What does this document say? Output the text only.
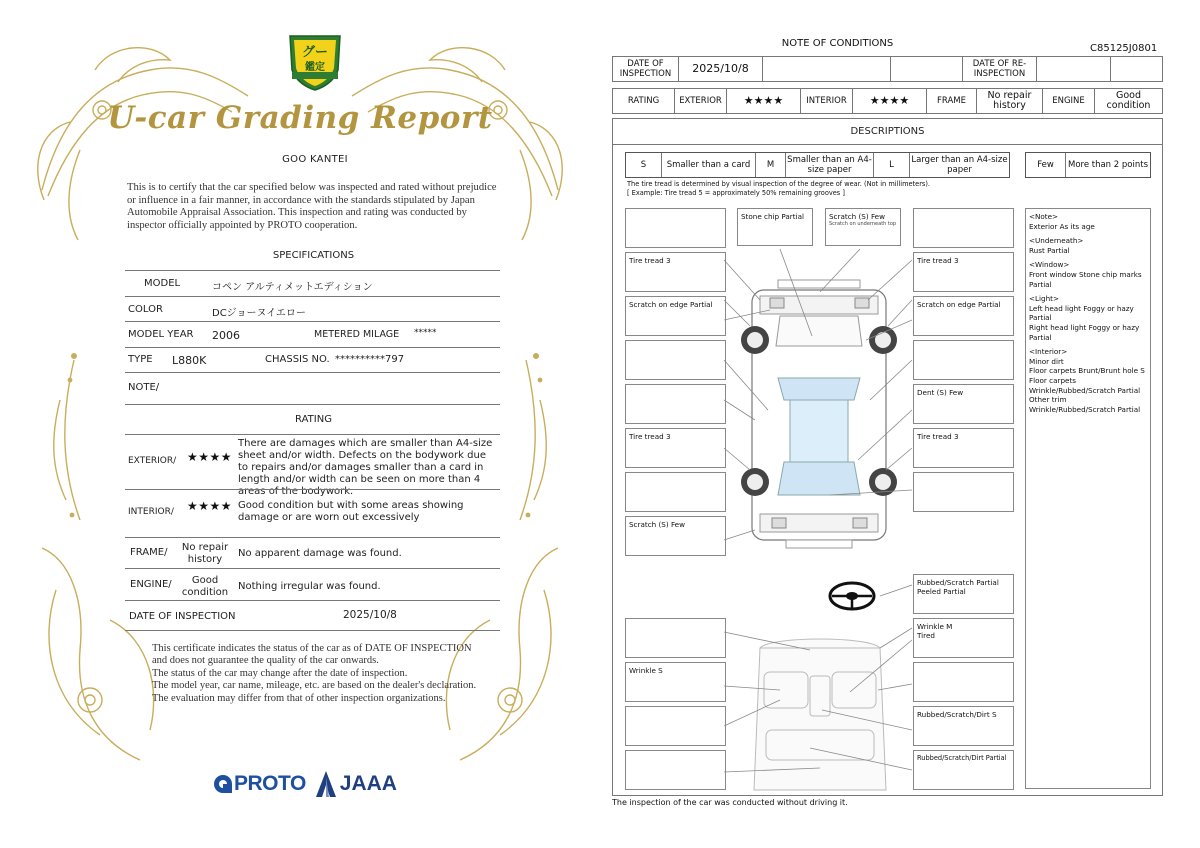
グー
鑑定
U-car Grading Report
GOO KANTEI
This is to certify that the car specified below was inspected and rated without prejudice or influence in a fair manner, in accordance with the standards stipulated by Japan Automobile Appraisal Association. This inspection and rating was conducted by inspector officially appointed by PROTO cooperation.
SPECIFICATIONS
MODEL	コペン アルティメットエディション
COLOR	DCジョーヌイエロー
MODEL YEAR 2006	METERED MILAGE *****
TYPE L880K	CHASSIS NO. **********797
NOTE/
RATING
EXTERIOR/ ★★★★
There are damages which are smaller than A4-size sheet and/or width. Defects on the bodywork due to repairs and/or damages smaller than a card in length and/or width can be seen on more than 4 areas of the bodywork.
INTERIOR/ ★★★★ Good condition but with some areas showing damage or are worn out excessively
FRAME/	No repair history
No apparent damage was found.
ENGINE/	Good condition
Nothing irregular was found.
DATE OF INSPECTION	2025/10/8
This certificate indicates the status of the car as of DATE OF INSPECTION and does not guarantee the quality of the car onwards.
The status of the car may change after the date of inspection.
The model year, car name, mileage, etc. are based on the dealer's declaration.
The evaluation may differ from that of other inspection organizations.
PROTO JAAA
NOTE OF CONDITIONS	C85125J0801
DATE OF INSPECTION	2025/10/8	DATE OF RE-INSPECTION
RATING	EXTERIOR	★★★★	INTERIOR	★★★★	FRAME	No repair history	ENGINE	Good condition
DESCRIPTIONS
S	Smaller than a card	M	Smaller than an A4-size paper	L	Larger than an A4-size paper	Few	More than 2 points
The tire tread is determined by visual inspection of the degree of wear. (Not in millimeters).
[ Example: Tire tread 5 = approximately 50% remaining grooves ]
Tire tread 3
Scratch on edge Partial
Tire tread 3
Scratch (S) Few
Stone chip Partial	Scratch (S) Few
Scratch on underneath top
Tire tread 3
Scratch on edge Partial
Dent (S) Few
Tire tread 3
Rubbed/Scratch Partial
Peeled Partial
Wrinkle M
Tired
Rubbed/Scratch/Dirt S
Rubbed/Scratch/Dirt Partial
Wrinkle S
<Note>
Exterior As its age
<Underneath>
Rust Partial
<Window>
Front window Stone chip marks Partial
<Light>
Left head light Foggy or hazy Partial
Right head light Foggy or hazy Partial
<Interior>
Minor dirt
Floor carpets Brunt/Brunt hole S
Floor carpets Wrinkle/Rubbed/Scratch Partial
Other trim Wrinkle/Rubbed/Scratch Partial
The inspection of the car was conducted without driving it.
